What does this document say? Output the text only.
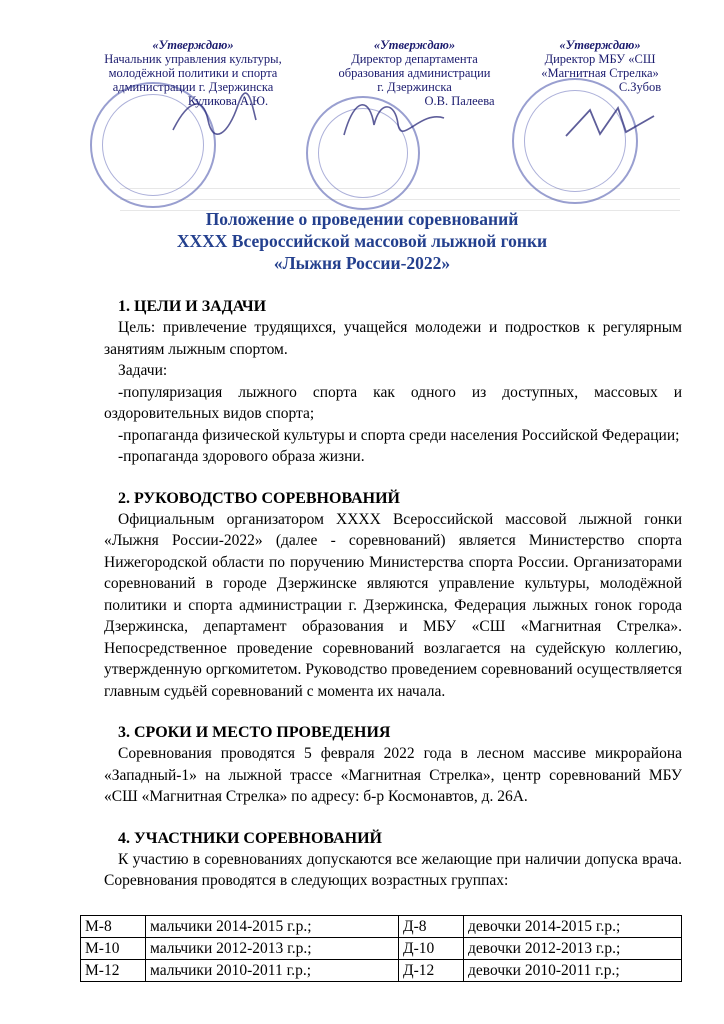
«Утверждаю»
Начальник управления культуры,
молодёжной политики и спорта
администрации г. Дзержинска
Куликова А.Ю.
«Утверждаю»
Директор департамента
образования администрации
г. Дзержинска
О.В. Палеева
«Утверждаю»
Директор МБУ «СШ
«Магнитная Стрелка»
С.Зубов
Положение о проведении соревнований
XXXX Всероссийской массовой лыжной гонки
«Лыжня России-2022»
1. ЦЕЛИ И ЗАДАЧИ

Цель: привлечение трудящихся, учащейся молодежи и подростков к регулярным занятиям лыжным спортом.

Задачи:

-популяризация лыжного спорта как одного из доступных, массовых и оздоровительных видов спорта;

-пропаганда физической культуры и спорта среди населения Российской Федерации;

-пропаганда здорового образа жизни.

2. РУКОВОДСТВО СОРЕВНОВАНИЙ

Официальным организатором XXXX Всероссийской массовой лыжной гонки «Лыжня России-2022» (далее - соревнований) является Министерство спорта Нижегородской области по поручению Министерства спорта России. Организаторами соревнований в городе Дзержинске являются управление культуры, молодёжной политики и спорта администрации г. Дзержинска, Федерация лыжных гонок города Дзержинска, департамент образования и МБУ «СШ «Магнитная Стрелка». Непосредственное проведение соревнований возлагается на судейскую коллегию, утвержденную оргкомитетом. Руководство проведением соревнований осуществляется главным судьёй соревнований с момента их начала.

3. СРОКИ И МЕСТО ПРОВЕДЕНИЯ

Соревнования проводятся 5 февраля 2022 года в лесном массиве микрорайона «Западный-1» на лыжной трассе «Магнитная Стрелка», центр соревнований МБУ «СШ «Магнитная Стрелка» по адресу: б-р Космонавтов, д. 26А.

4. УЧАСТНИКИ СОРЕВНОВАНИЙ

К участию в соревнованиях допускаются все желающие при наличии допуска врача. Соревнования проводятся в следующих возрастных группах:

М-8	мальчики 2014-2015 г.р.;	Д-8	девочки 2014-2015 г.р.;
М-10	мальчики 2012-2013 г.р.;	Д-10	девочки 2012-2013 г.р.;
М-12	мальчики 2010-2011 г.р.;	Д-12	девочки 2010-2011 г.р.;
